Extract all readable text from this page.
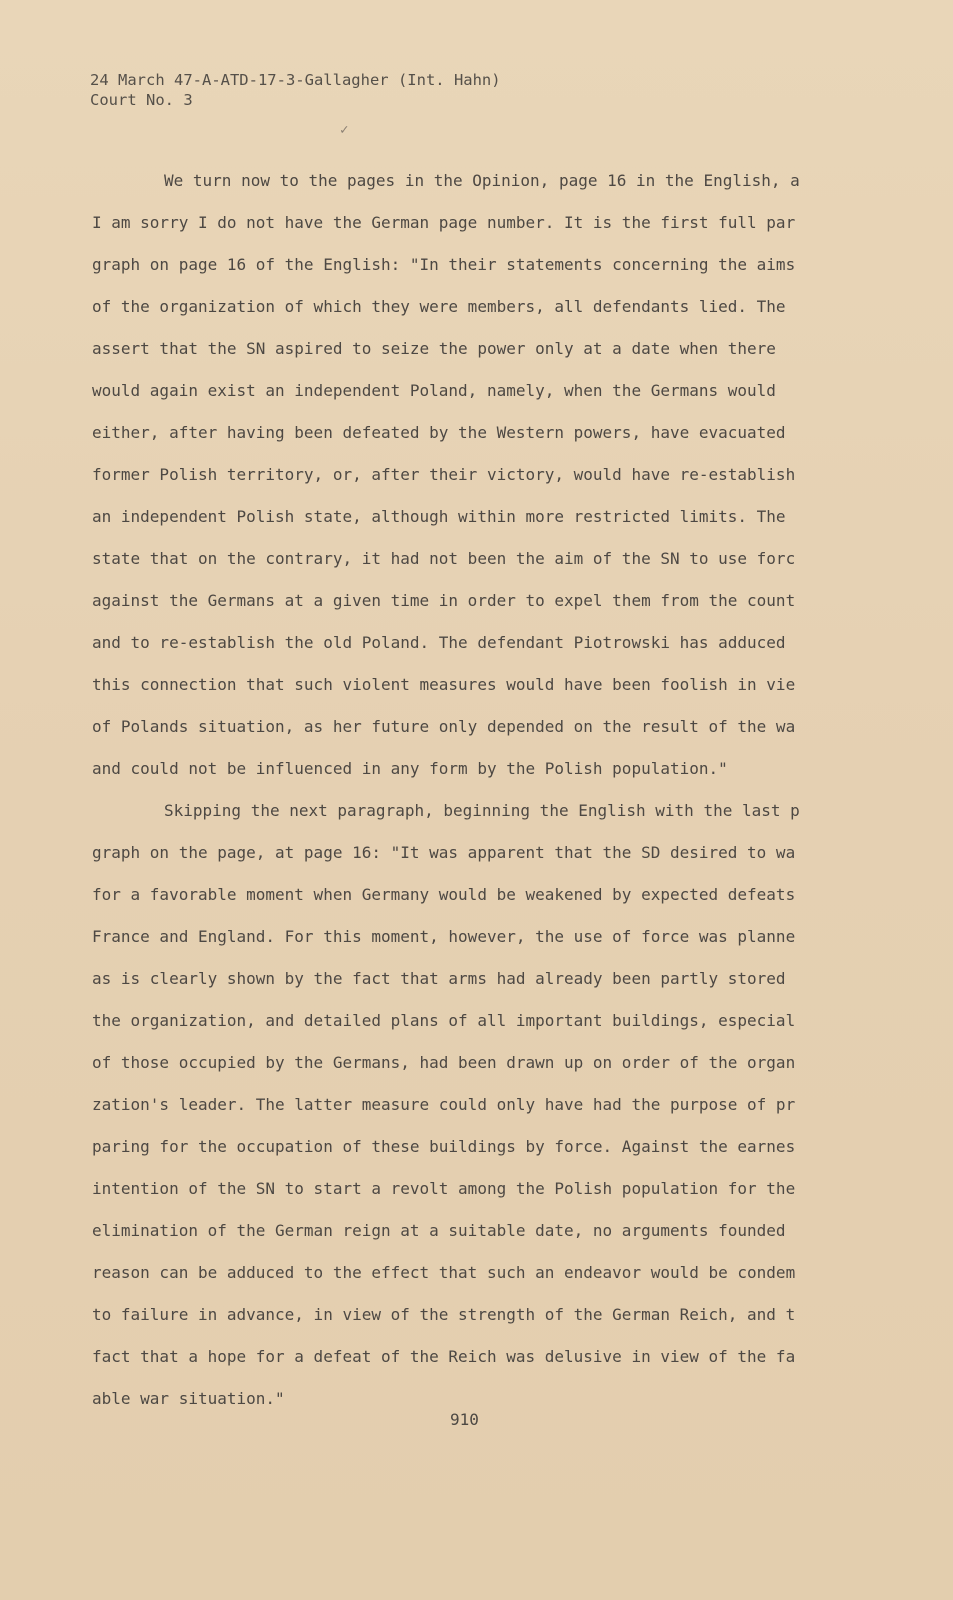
24 March 47-A-ATD-17-3-Gallagher (Int. Hahn)
Court No. 3
✓
We turn now to the pages in the Opinion, page 16 in the English, a
I am sorry I do not have the German page number. It is the first full par
graph on page 16 of the English: "In their statements concerning the aims
of the organization of which they were members, all defendants lied. The
assert that the SN aspired to seize the power only at a date when there
would again exist an independent Poland, namely, when the Germans would
either, after having been defeated by the Western powers, have evacuated
former Polish territory, or, after their victory, would have re-establish
an independent Polish state, although within more restricted limits. The
state that on the contrary, it had not been the aim of the SN to use forc
against the Germans at a given time in order to expel them from the count
and to re-establish the old Poland. The defendant Piotrowski has adduced
this connection that such violent measures would have been foolish in vie
of Polands situation, as her future only depended on the result of the wa
and could not be influenced in any form by the Polish population."
Skipping the next paragraph, beginning the English with the last p
graph on the page, at page 16: "It was apparent that the SD desired to wa
for a favorable moment when Germany would be weakened by expected defeats
France and England. For this moment, however, the use of force was planne
as is clearly shown by the fact that arms had already been partly stored
the organization, and detailed plans of all important buildings, especial
of those occupied by the Germans, had been drawn up on order of the organ
zation's leader. The latter measure could only have had the purpose of pr
paring for the occupation of these buildings by force. Against the earnes
intention of the SN to start a revolt among the Polish population for the
elimination of the German reign at a suitable date, no arguments founded
reason can be adduced to the effect that such an endeavor would be condem
to failure in advance, in view of the strength of the German Reich, and t
fact that a hope for a defeat of the Reich was delusive in view of the fa
able war situation."
910
